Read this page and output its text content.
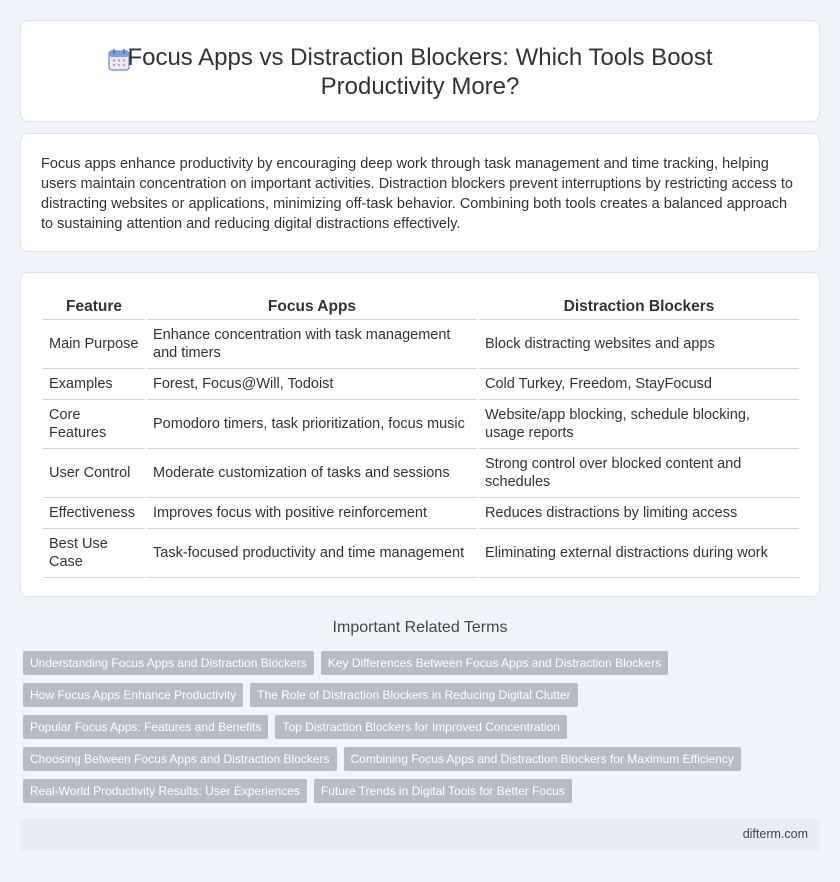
Focus Apps vs Distraction Blockers: Which Tools Boost Productivity More?

Focus apps enhance productivity by encouraging deep work through task management and time tracking, helping users maintain concentration on important activities. Distraction blockers prevent interruptions by restricting access to distracting websites or applications, minimizing off-task behavior. Combining both tools creates a balanced approach to sustaining attention and reducing digital distractions effectively.

Feature	Focus Apps	Distraction Blockers
Main Purpose	Enhance concentration with task management and timers	Block distracting websites and apps
Examples	Forest, Focus@Will, Todoist	Cold Turkey, Freedom, StayFocusd
Core Features	Pomodoro timers, task prioritization, focus music	Website/app blocking, schedule blocking, usage reports
User Control	Moderate customization of tasks and sessions	Strong control over blocked content and schedules
Effectiveness	Improves focus with positive reinforcement	Reduces distractions by limiting access
Best Use Case	Task-focused productivity and time management	Eliminating external distractions during work
Important Related Terms
Understanding Focus Apps and Distraction Blockers	Key Differences Between Focus Apps and Distraction Blockers
How Focus Apps Enhance Productivity	The Role of Distraction Blockers in Reducing Digital Clutter
Popular Focus Apps: Features and Benefits	Top Distraction Blockers for Improved Concentration
Choosing Between Focus Apps and Distraction Blockers	Combining Focus Apps and Distraction Blockers for Maximum Efficiency
Real-World Productivity Results: User Experiences	Future Trends in Digital Tools for Better Focus
difterm.com
